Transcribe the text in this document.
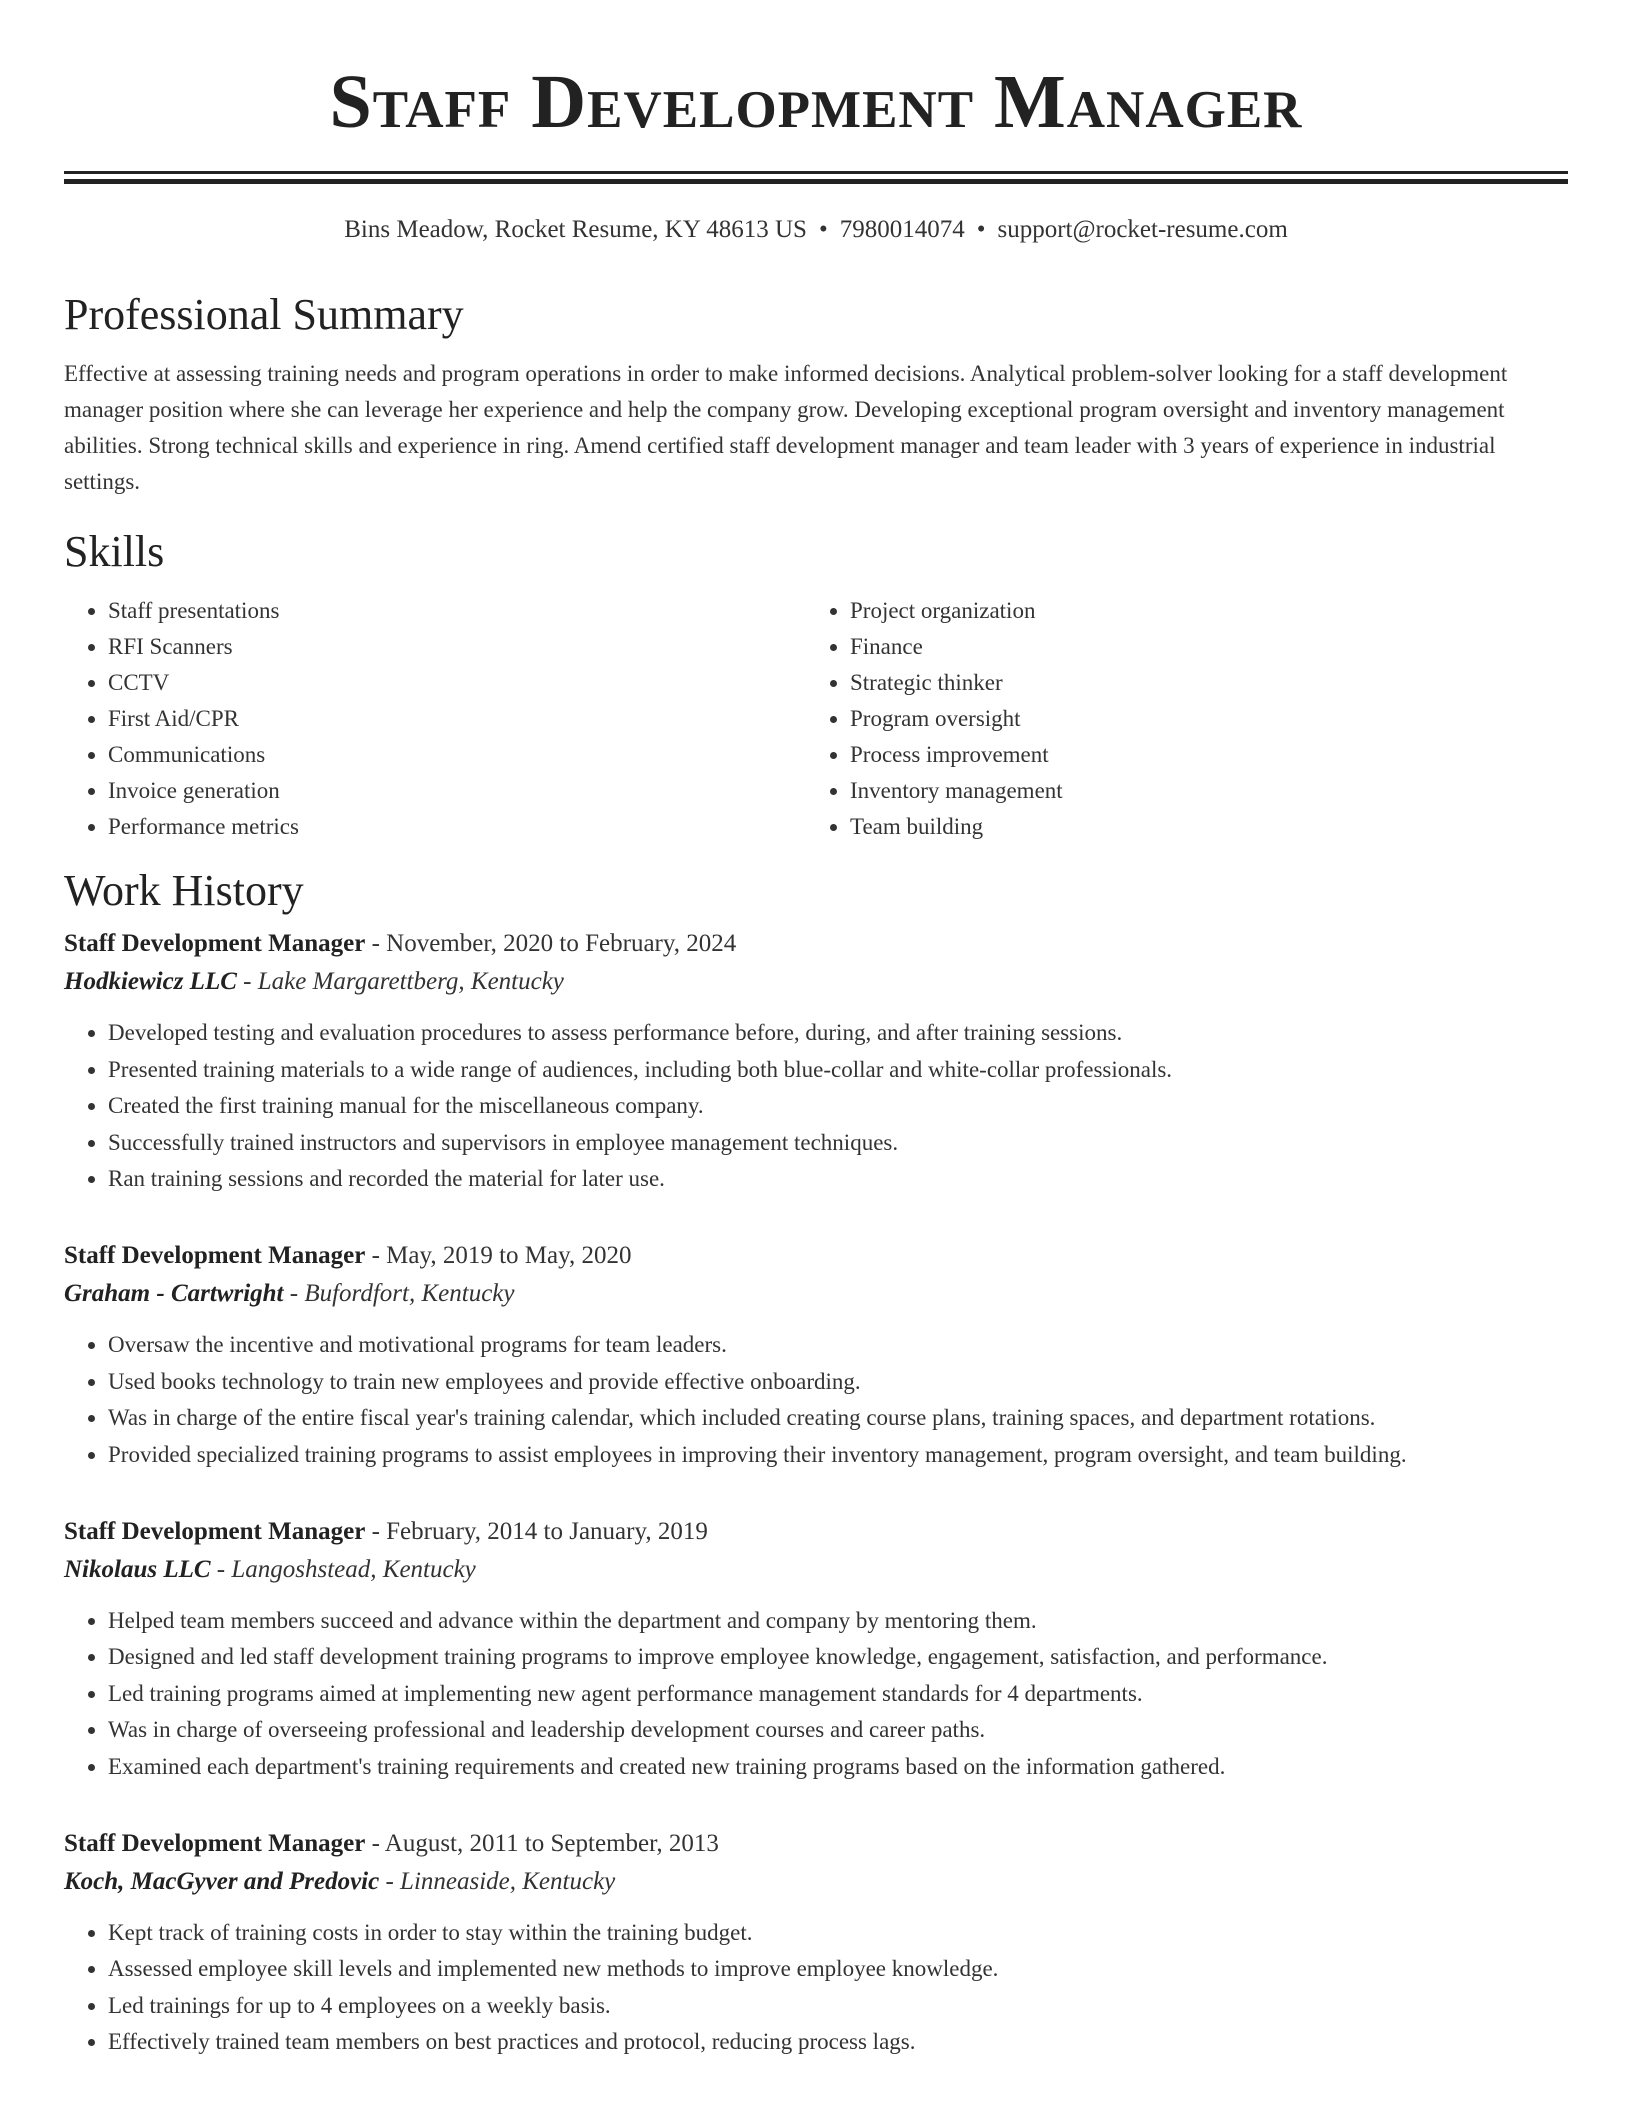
Staff Development Manager
Bins Meadow, Rocket Resume, KY 48613 US • 7980014074 • support@rocket-resume.com
Professional Summary
Effective at assessing training needs and program operations in order to make informed decisions. Analytical problem-solver looking for a staff development manager position where she can leverage her experience and help the company grow. Developing exceptional program oversight and inventory management abilities. Strong technical skills and experience in ring. Amend certified staff development manager and team leader with 3 years of experience in industrial settings.
Skills
• Staff presentations
• RFI Scanners
• CCTV
• First Aid/CPR
• Communications
• Invoice generation
• Performance metrics
• Project organization
• Finance
• Strategic thinker
• Program oversight
• Process improvement
• Inventory management
• Team building
Work History
Staff Development Manager - November, 2020 to February, 2024
Hodkiewicz LLC - Lake Margarettberg, Kentucky
• Developed testing and evaluation procedures to assess performance before, during, and after training sessions.
• Presented training materials to a wide range of audiences, including both blue-collar and white-collar professionals.
• Created the first training manual for the miscellaneous company.
• Successfully trained instructors and supervisors in employee management techniques.
• Ran training sessions and recorded the material for later use.
Staff Development Manager - May, 2019 to May, 2020
Graham - Cartwright - Bufordfort, Kentucky
• Oversaw the incentive and motivational programs for team leaders.
• Used books technology to train new employees and provide effective onboarding.
• Was in charge of the entire fiscal year's training calendar, which included creating course plans, training spaces, and department rotations.
• Provided specialized training programs to assist employees in improving their inventory management, program oversight, and team building.
Staff Development Manager - February, 2014 to January, 2019
Nikolaus LLC - Langoshstead, Kentucky
• Helped team members succeed and advance within the department and company by mentoring them.
• Designed and led staff development training programs to improve employee knowledge, engagement, satisfaction, and performance.
• Led training programs aimed at implementing new agent performance management standards for 4 departments.
• Was in charge of overseeing professional and leadership development courses and career paths.
• Examined each department's training requirements and created new training programs based on the information gathered.
Staff Development Manager - August, 2011 to September, 2013
Koch, MacGyver and Predovic - Linneaside, Kentucky
• Kept track of training costs in order to stay within the training budget.
• Assessed employee skill levels and implemented new methods to improve employee knowledge.
• Led trainings for up to 4 employees on a weekly basis.
• Effectively trained team members on best practices and protocol, reducing process lags.
